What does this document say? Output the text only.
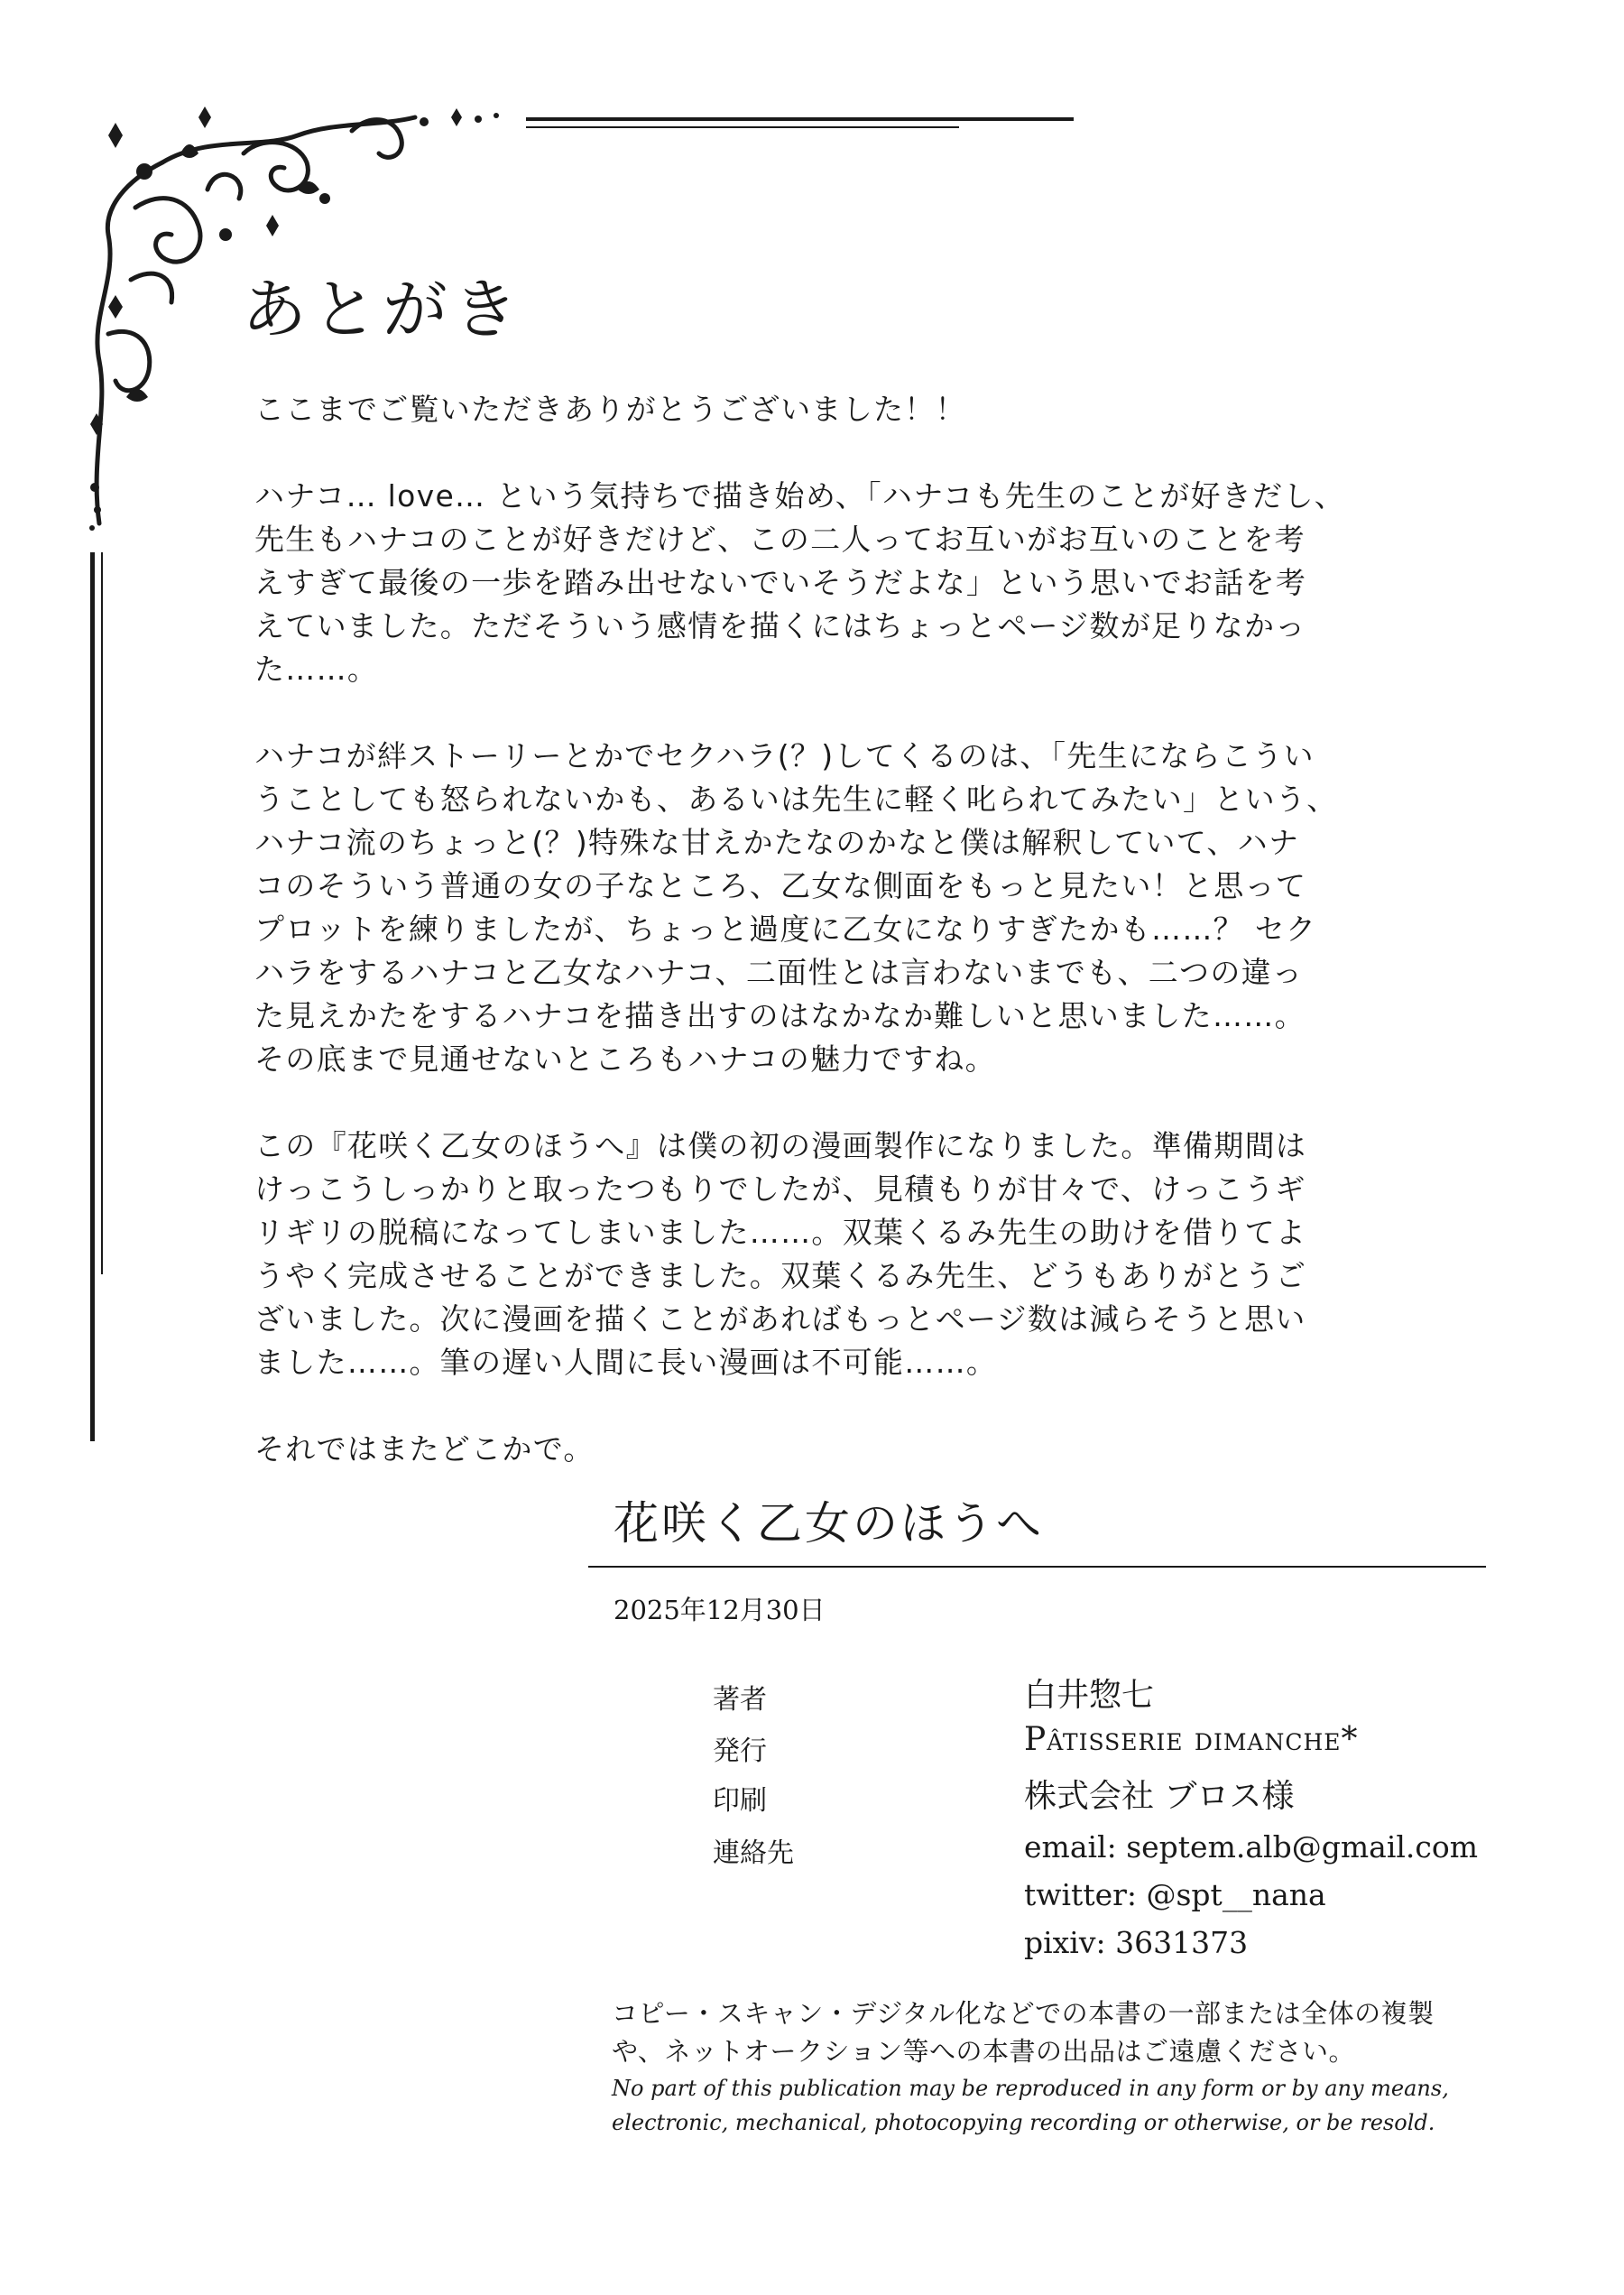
あとがき

ここまでご覧いただきありがとうございました！！

ハナコ… love… という気持ちで描き始め、「ハナコも先生のことが好きだし、
先生もハナコのことが好きだけど、この二人ってお互いがお互いのことを考
えすぎて最後の一歩を踏み出せないでいそうだよな」という思いでお話を考
えていました。ただそういう感情を描くにはちょっとページ数が足りなかっ
た……。

ハナコが絆ストーリーとかでセクハラ(？)してくるのは、「先生にならこうい
うことしても怒られないかも、あるいは先生に軽く叱られてみたい」という、
ハナコ流のちょっと(？)特殊な甘えかたなのかなと僕は解釈していて、ハナ
コのそういう普通の女の子なところ、乙女な側面をもっと見たい！と思って
プロットを練りましたが、ちょっと過度に乙女になりすぎたかも……？ セク
ハラをするハナコと乙女なハナコ、二面性とは言わないまでも、二つの違っ
た見えかたをするハナコを描き出すのはなかなか難しいと思いました……。
その底まで見通せないところもハナコの魅力ですね。

この『花咲く乙女のほうへ』は僕の初の漫画製作になりました。準備期間は
けっこうしっかりと取ったつもりでしたが、見積もりが甘々で、けっこうギ
リギリの脱稿になってしまいました……。双葉くるみ先生の助けを借りてよ
うやく完成させることができました。双葉くるみ先生、どうもありがとうご
ざいました。次に漫画を描くことがあればもっとページ数は減らそうと思い
ました……。筆の遅い人間に長い漫画は不可能……。

それではまたどこかで。

花咲く乙女のほうへ
2025年12月30日
著者	白井惣七
発行	Pâtisserie dimanche*
印刷	株式会社 ブロス様
連絡先	email: septem.alb@gmail.com
twitter: @spt__nana
pixiv: 3631373
コピー・スキャン・デジタル化などでの本書の一部または全体の複製
や、ネットオークション等への本書の出品はご遠慮ください。
No part of this publication may be reproduced in any form or by any means,
electronic, mechanical, photocopying recording or otherwise, or be resold.
